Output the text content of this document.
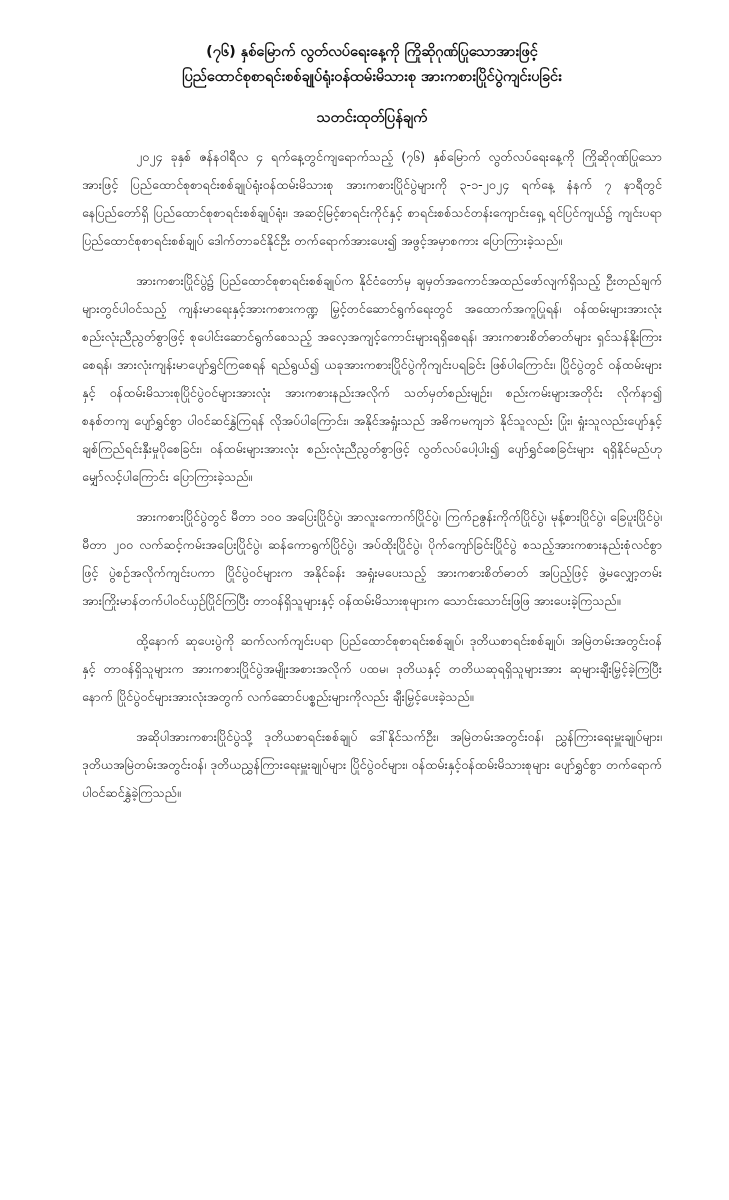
(၇၆) နှစ်မြောက် လွတ်လပ်ရေးနေ့ကို ကြိုဆိုဂုဏ်ပြုသောအားဖြင့်
ပြည်ထောင်စုစာရင်းစစ်ချုပ်ရုံးဝန်ထမ်းမိသားစု အားကစားပြိုင်ပွဲကျင်းပခြင်း
သတင်းထုတ်ပြန်ချက်

၂၀၂၄ ခုနှစ် ဇန်နဝါရီလ ၄ ရက်နေ့တွင်ကျရောက်သည့် (၇၆) နှစ်မြောက် လွတ်လပ်ရေးနေ့ကို ကြိုဆိုဂုဏ်ပြုသောအားဖြင့် ပြည်ထောင်စုစာရင်းစစ်ချုပ်ရုံးဝန်ထမ်းမိသားစု အားကစားပြိုင်ပွဲများကို ၃-၁-၂၀၂၄ ရက်နေ့ နံနက် ၇ နာရီတွင် နေပြည်တော်ရှိ ပြည်ထောင်စုစာရင်းစစ်ချုပ်ရုံး၊ အဆင့်မြင့်စာရင်းကိုင်နှင့် စာရင်းစစ်သင်တန်းကျောင်းရှေ့ ရင်ပြင်ကျယ်၌ ကျင်းပရာ ပြည်ထောင်စုစာရင်းစစ်ချုပ် ဒေါက်တာခင်နိုင်ဦး တက်ရောက်အားပေး၍ အဖွင့်အမှာစကား ပြောကြားခဲ့သည်။

အားကစားပြိုင်ပွဲ၌ ပြည်ထောင်စုစာရင်းစစ်ချုပ်က နိုင်ငံတော်မှ ချမှတ်အကောင်အထည်ဖော်လျက်ရှိသည့် ဦးတည်ချက်များတွင်ပါဝင်သည့် ကျန်းမာရေးနှင့်အားကစားကဏ္ဍ မြှင့်တင်ဆောင်ရွက်ရေးတွင် အထောက်အကူပြုရန်၊ ဝန်ထမ်းများအားလုံးစည်းလုံးညီညွတ်စွာဖြင့် စုပေါင်းဆောင်ရွက်စေသည့် အလေ့အကျင့်ကောင်းများရရှိစေရန်၊ အားကစားစိတ်ဓာတ်များ ရှင်သန်နိုးကြားစေရန်၊ အားလုံးကျန်းမာပျော်ရွှင်ကြစေရန် ရည်ရွယ်၍ ယခုအားကစားပြိုင်ပွဲကိုကျင်းပရခြင်း ဖြစ်ပါကြောင်း၊ ပြိုင်ပွဲတွင် ဝန်ထမ်းများနှင့် ဝန်ထမ်းမိသားစုပြိုင်ပွဲဝင်များအားလုံး အားကစားနည်းအလိုက် သတ်မှတ်စည်းမျဉ်း၊ စည်းကမ်းများအတိုင်း လိုက်နာ၍ စနစ်တကျ ပျော်ရွှင်စွာ ပါဝင်ဆင်နွှဲကြရန် လိုအပ်ပါကြောင်း၊ အနိုင်အရှုံးသည် အဓိကမကျဘဲ နိုင်သူလည်း ပြုံး၊ ရှုံးသူလည်းပျော်နှင့် ချစ်ကြည်ရင်းနှီးမှုပိုစေခြင်း၊ ဝန်ထမ်းများအားလုံး စည်းလုံးညီညွတ်စွာဖြင့် လွတ်လပ်ပေါ့ပါး၍ ပျော်ရွှင်စေခြင်းများ ရရှိနိုင်မည်ဟု မျှော်လင့်ပါကြောင်း ပြောကြားခဲ့သည်။

အားကစားပြိုင်ပွဲတွင် မီတာ ၁၀၀ အပြေးပြိုင်ပွဲ၊ အာလူးကောက်ပြိုင်ပွဲ၊ ကြက်ဥဇွန်းကိုက်ပြိုင်ပွဲ၊ မုန့်စားပြိုင်ပွဲ၊ ခြေပူးပြိုင်ပွဲ၊ မီတာ ၂၀၀ လက်ဆင့်ကမ်းအပြေးပြိုင်ပွဲ၊ ဆန်ကောရွက်ပြိုင်ပွဲ၊ အပ်ထိုးပြိုင်ပွဲ၊ ပိုက်ကျော်ခြင်းပြိုင်ပွဲ စသည့်အားကစားနည်းစုံလင်စွာဖြင့် ပွဲစဉ်အလိုက်ကျင်းပကာ ပြိုင်ပွဲဝင်များက အနိုင်ခန်း အရှုံးမပေးသည့် အားကစားစိတ်ဓာတ် အပြည့်ဖြင့် ဖွဲ့မလျှော့တမ်း အားကြိုးမာန်တက်ပါဝင်ယှဉ်ပြိုင်ကြပြီး တာဝန်ရှိသူများနှင့် ဝန်ထမ်းမိသားစုများက သောင်းသောင်းဖြဖြ အားပေးခဲ့ကြသည်။

ထို့နောက် ဆုပေးပွဲကို ဆက်လက်ကျင်းပရာ ပြည်ထောင်စုစာရင်းစစ်ချုပ်၊ ဒုတိယစာရင်းစစ်ချုပ်၊ အမြဲတမ်းအတွင်းဝန်နှင့် တာဝန်ရှိသူများက အားကစားပြိုင်ပွဲအမျိုးအစားအလိုက် ပထမ၊ ဒုတိယနှင့် တတိယဆုရရှိသူများအား ဆုများချီးမြှင့်ခဲ့ကြပြီးနောက် ပြိုင်ပွဲဝင်များအားလုံးအတွက် လက်ဆောင်ပစ္စည်းများကိုလည်း ချီးမြှင့်ပေးခဲ့သည်။

အဆိုပါအားကစားပြိုင်ပွဲသို့ ဒုတိယစာရင်းစစ်ချုပ် ဒေါ်နိုင်သက်ဦး၊ အမြဲတမ်းအတွင်းဝန်၊ ညွှန်ကြားရေးမှူးချုပ်များ၊ ဒုတိယအမြဲတမ်းအတွင်းဝန်၊ ဒုတိယညွှန်ကြားရေးမှူးချုပ်များ ပြိုင်ပွဲဝင်များ၊ ဝန်ထမ်းနှင့်ဝန်ထမ်းမိသားစုများ ပျော်ရွှင်စွာ တက်ရောက်ပါဝင်ဆင်နွှဲခဲ့ကြသည်။
